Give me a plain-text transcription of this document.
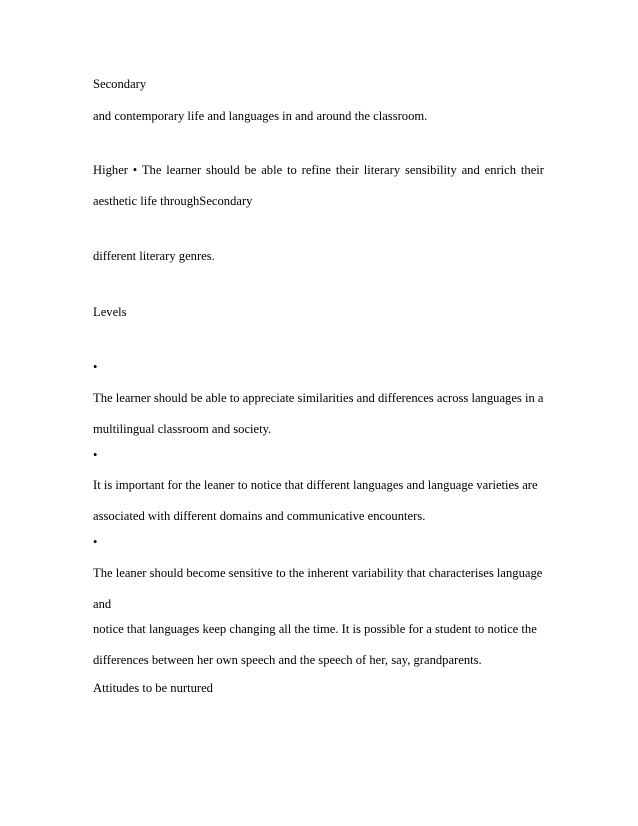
Secondary
and contemporary life and languages in and around the classroom.
Higher • The learner should be able to refine their literary sensibility and enrich their
aesthetic life throughSecondary
different literary genres.
Levels
•
The learner should be able to appreciate similarities and differences across languages in a
multilingual classroom and society.
•
It is important for the leaner to notice that different languages and language varieties are
associated with different domains and communicative encounters.
•
The leaner should become sensitive to the inherent variability that characterises language
and
notice that languages keep changing all the time. It is possible for a student to notice the
differences between her own speech and the speech of her, say, grandparents.
Attitudes to be nurtured
